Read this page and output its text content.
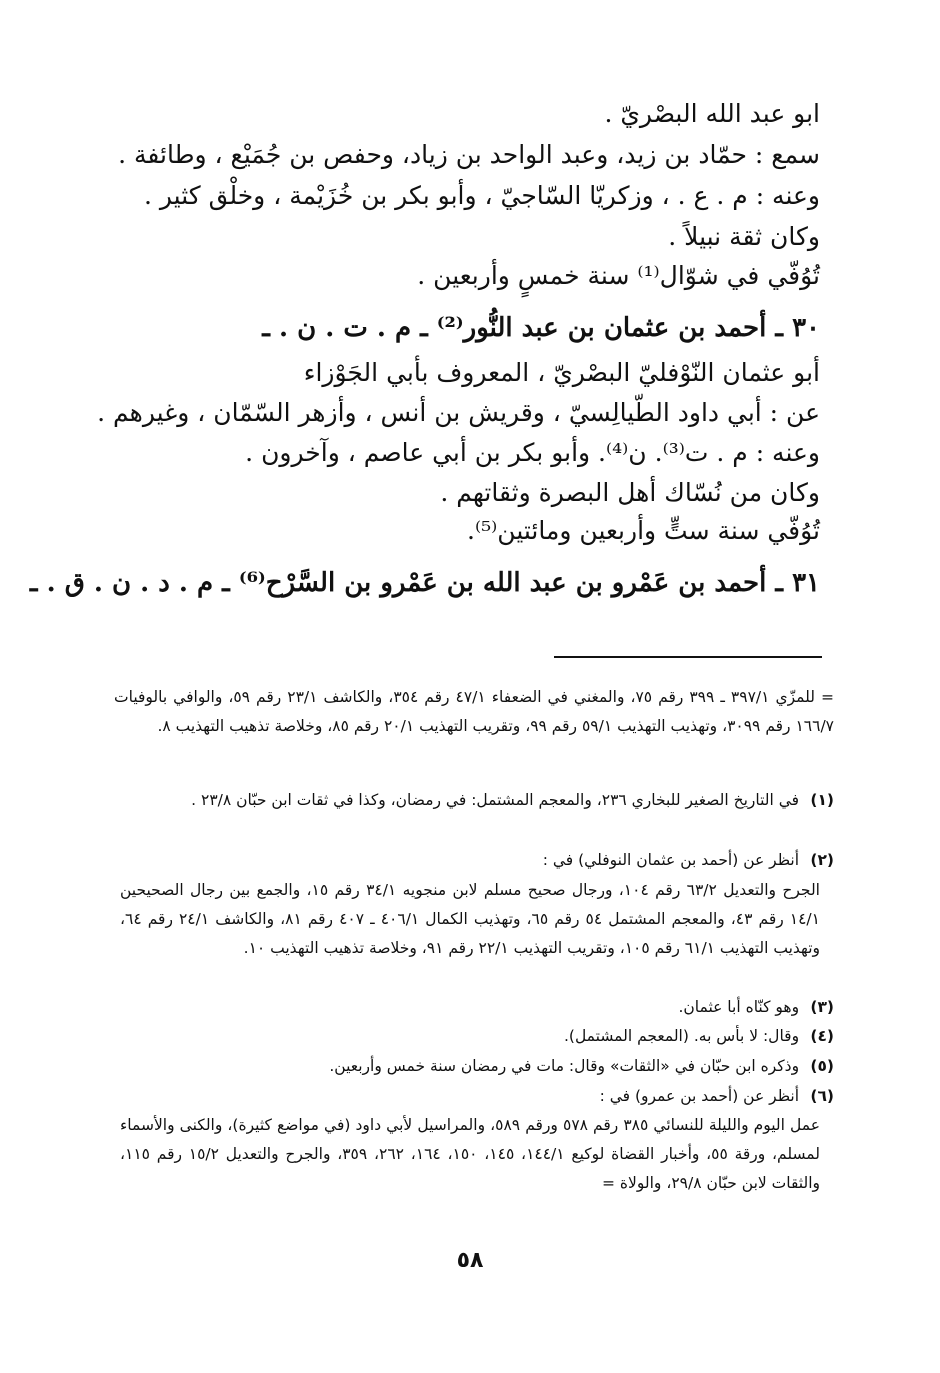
ابو عبد الله البصْريّ .
سمع : حمّاد بن زيد، وعبد الواحد بن زياد، وحفص بن جُمَيْع ، وطائفة .
وعنه : م . ع . ، وزكريّا السّاجيّ ، وأبو بكر بن خُزَيْمة ، وخلْق كثير .
وكان ثقة نبيلاً .
تُوُفّي في شوّال⁽¹⁾ سنة خمسٍ وأربعين .
٣٠ ـ أحمد بن عثمان بن عبد النُّور⁽²⁾ ـ م . ت . ن . ـ
أبو عثمان النّوْفليّ البصْريّ ، المعروف بأبي الجَوْزاء
عن : أبي داود الطّيالِسيّ ، وقريش بن أنس ، وأزهر السّمّان ، وغيرهم .
وعنه : م . ت⁽³⁾. ن⁽⁴⁾. وأبو بكر بن أبي عاصم ، وآخرون .
وكان من نُسّاك أهل البصرة وثقاتهم .
تُوُفّي سنة ستٍّ وأربعين ومائتين⁽⁵⁾.
٣١ ـ أحمد بن عَمْرو بن عبد الله بن عَمْرو بن السَّرْح⁽⁶⁾ ـ م . د . ن . ق . ـ
= للمزّي ٣٩٧/١ ـ ٣٩٩ رقم ٧٥، والمغني في الضعفاء ٤٧/١ رقم ٣٥٤، والكاشف ٢٣/١ رقم ٥٩، والوافي بالوفيات ١٦٦/٧ رقم ٣٠٩٩، وتهذيب التهذيب ٥٩/١ رقم ٩٩، وتقريب التهذيب ٢٠/١ رقم ٨٥، وخلاصة تذهيب التهذيب ٨.
(١) في التاريخ الصغير للبخاري ٢٣٦، والمعجم المشتمل: في رمضان، وكذا في ثقات ابن حبّان ٢٣/٨ .
(٢) أنظر عن (أحمد بن عثمان النوفلي) في :
الجرح والتعديل ٦٣/٢ رقم ١٠٤، ورجال صحيح مسلم لابن منجويه ٣٤/١ رقم ١٥، والجمع بين رجال الصحيحين ١٤/١ رقم ٤٣، والمعجم المشتمل ٥٤ رقم ٦٥، وتهذيب الكمال ٤٠٦/١ ـ ٤٠٧ رقم ٨١، والكاشف ٢٤/١ رقم ٦٤، وتهذيب التهذيب ٦١/١ رقم ١٠٥، وتقريب التهذيب ٢٢/١ رقم ٩١، وخلاصة تذهيب التهذيب ١٠.
(٣) وهو كنّاه أبا عثمان.
(٤) وقال: لا بأس به. (المعجم المشتمل).
(٥) وذكره ابن حبّان في «الثقات» وقال: مات في رمضان سنة خمس وأربعين.
(٦) أنظر عن (أحمد بن عمرو) في :
عمل اليوم والليلة للنسائي ٣٨٥ رقم ٥٧٨ ورقم ٥٨٩، والمراسيل لأبي داود (في مواضع كثيرة)، والكنى والأسماء لمسلم، ورقة ٥٥، وأخبار القضاة لوكيع ١٤٤/١، ١٤٥، ١٥٠، ١٦٤، ٢٦٢، ٣٥٩، والجرح والتعديل ١٥/٢ رقم ١١٥، والثقات لابن حبّان ٢٩/٨، والولاة =
٥٨
